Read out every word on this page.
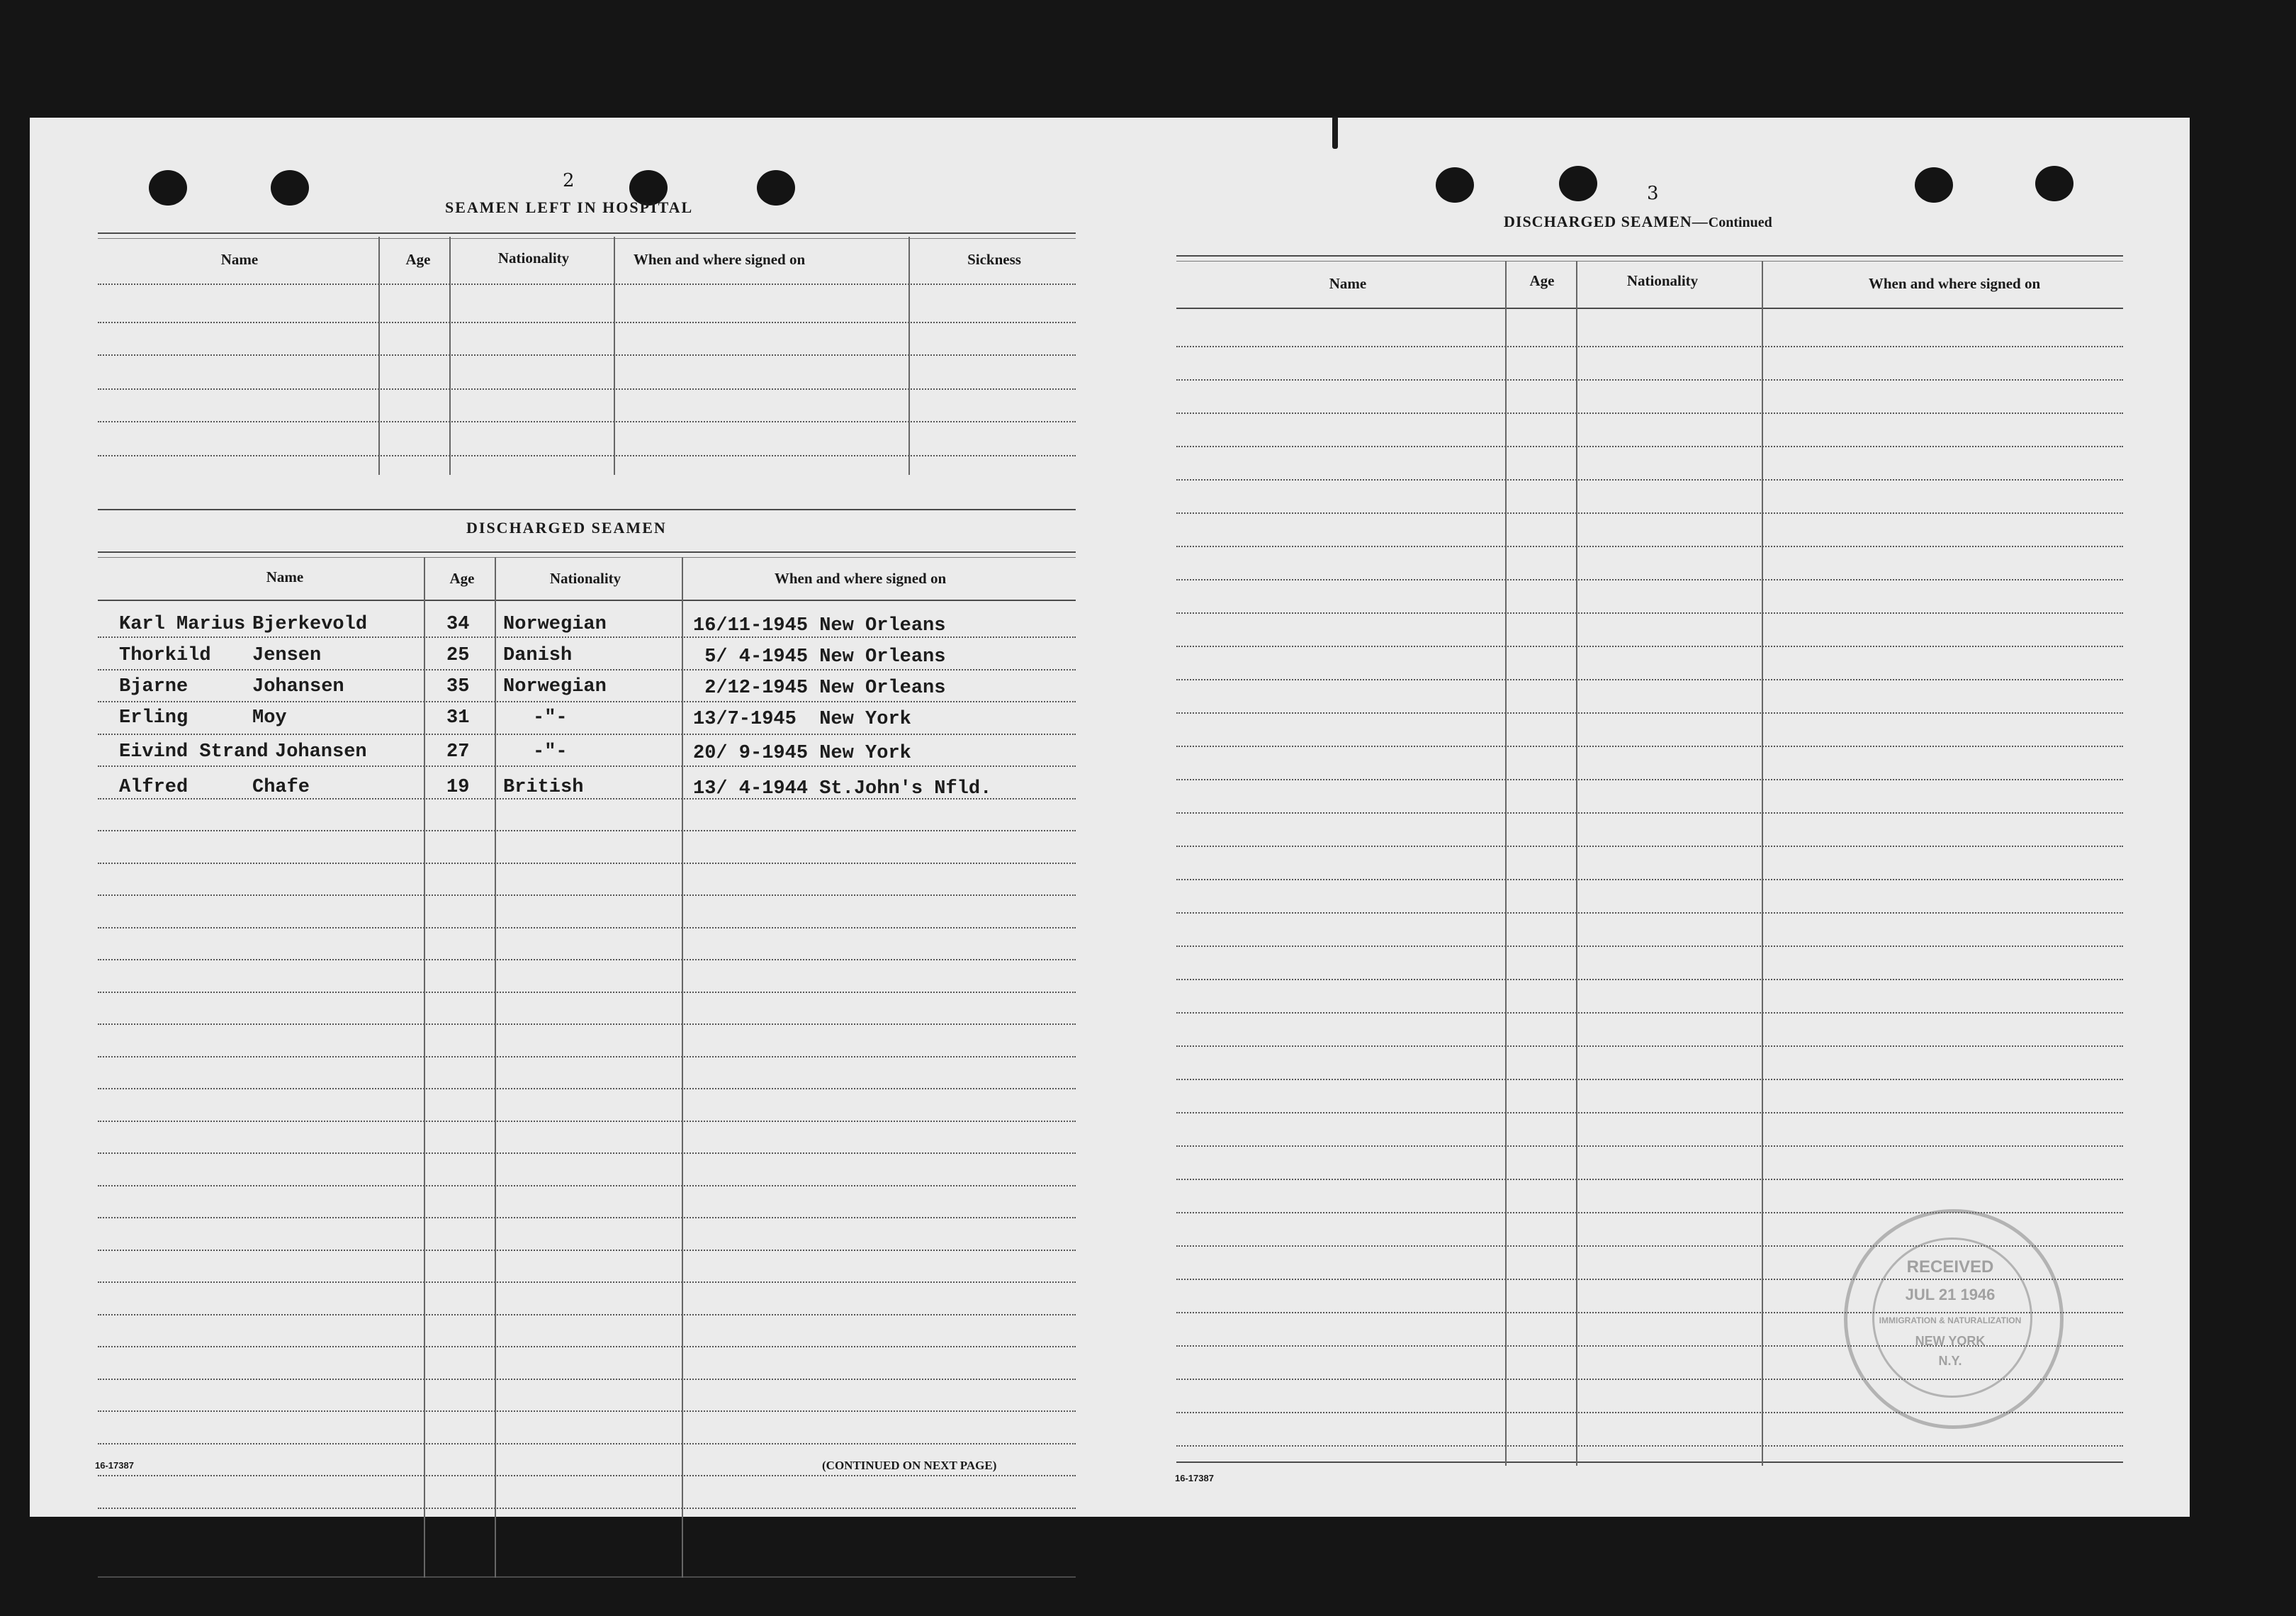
2
SEAMEN LEFT IN HOSPITAL
Name	Age	Nationality	When and where signed on	Sickness
DISCHARGED SEAMEN
Name	Age	Nationality	When and where signed on
Karl Marius Bjerkevold	34 Norwegian	16/11-1945 New Orleans
Thorkild Jensen	25 Danish	5/ 4-1945 New Orleans
Bjarne	Johansen	35 Norwegian	2/12-1945 New Orleans
Erling	Moy	31	-"-	13/7-1945  New York
Eivind Strand Johansen	27	-"-	20/ 9-1945 New York
Alfred	Chafe	19 British	13/ 4-1944 St.John's Nfld.
16-17387	(CONTINUED ON NEXT PAGE)
3
DISCHARGED SEAMEN—Continued
Name	Age	Nationality	When and where signed on
RECEIVED
JUL 21 1946
IMMIGRATION & NATURALIZATION
NEW YORK
N.Y.
16-17387
